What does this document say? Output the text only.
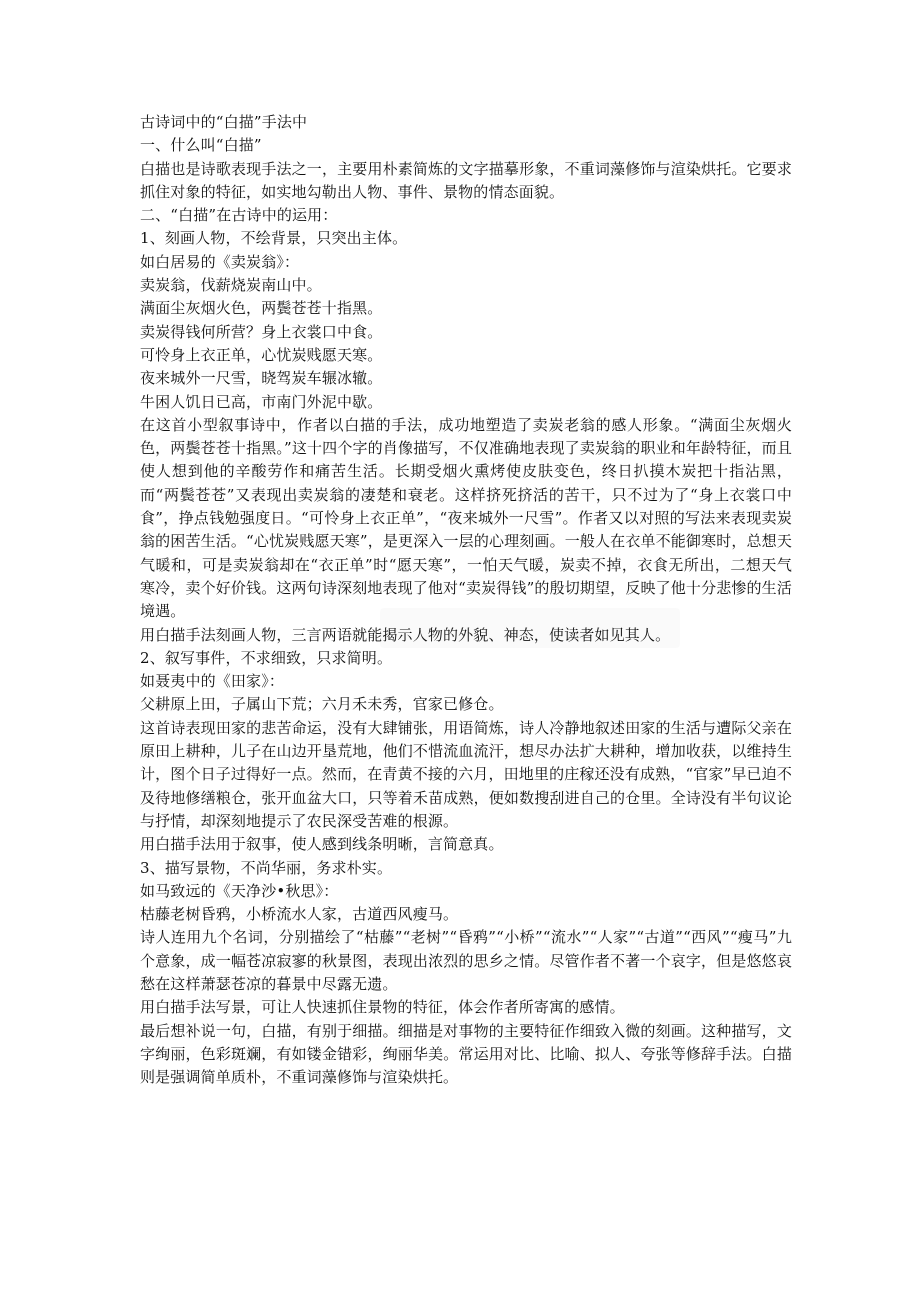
古诗词中的“白描”手法中

一、什么叫“白描”

白描也是诗歌表现手法之一，主要用朴素简炼的文字描摹形象，不重词藻修饰与渲染烘托。它要求抓住对象的特征，如实地勾勒出人物、事件、景物的情态面貌。

二、“白描”在古诗中的运用：

1、刻画人物，不绘背景，只突出主体。

如白居易的《卖炭翁》：

卖炭翁，伐薪烧炭南山中。

满面尘灰烟火色，两鬓苍苍十指黑。

卖炭得钱何所营？身上衣裳口中食。

可怜身上衣正单，心忧炭贱愿天寒。

夜来城外一尺雪，晓驾炭车辗冰辙。

牛困人饥日已高，市南门外泥中歇。

在这首小型叙事诗中，作者以白描的手法，成功地塑造了卖炭老翁的感人形象。“满面尘灰烟火色，两鬓苍苍十指黑。”这十四个字的肖像描写，不仅准确地表现了卖炭翁的职业和年龄特征，而且使人想到他的辛酸劳作和痛苦生活。长期受烟火熏烤使皮肤变色，终日扒摸木炭把十指沾黑，而“两鬓苍苍”又表现出卖炭翁的凄楚和衰老。这样挤死挤活的苦干，只不过为了“身上衣裳口中食”，挣点钱勉强度日。“可怜身上衣正单”，“夜来城外一尺雪”。作者又以对照的写法来表现卖炭翁的困苦生活。“心忧炭贱愿天寒”，是更深入一层的心理刻画。一般人在衣单不能御寒时，总想天气暖和，可是卖炭翁却在“衣正单”时“愿天寒”，一怕天气暖，炭卖不掉，衣食无所出，二想天气寒冷，卖个好价钱。这两句诗深刻地表现了他对“卖炭得钱”的殷切期望，反映了他十分悲惨的生活境遇。

用白描手法刻画人物，三言两语就能揭示人物的外貌、神态，使读者如见其人。

2、叙写事件，不求细致，只求简明。

如聂夷中的《田家》：

父耕原上田，子属山下荒；六月禾未秀，官家已修仓。

这首诗表现田家的悲苦命运，没有大肆铺张，用语简炼，诗人冷静地叙述田家的生活与遭际父亲在原田上耕种，儿子在山边开垦荒地，他们不惜流血流汗，想尽办法扩大耕种，增加收获，以维持生计，图个日子过得好一点。然而，在青黄不接的六月，田地里的庄稼还没有成熟，“官家”早已迫不及待地修缮粮仓，张开血盆大口，只等着禾苗成熟，便如数搜刮进自己的仓里。全诗没有半句议论与抒情，却深刻地提示了农民深受苦难的根源。

用白描手法用于叙事，使人感到线条明晰，言简意真。

3、描写景物，不尚华丽，务求朴实。

如马致远的《天净沙•秋思》：

枯藤老树昏鸦，小桥流水人家，古道西风瘦马。

诗人连用九个名词，分别描绘了“枯藤”“老树”“昏鸦”“小桥”“流水”“人家”“古道”“西风”“瘦马”九个意象，成一幅苍凉寂寥的秋景图，表现出浓烈的思乡之情。尽管作者不著一个哀字，但是悠悠哀愁在这样萧瑟苍凉的暮景中尽露无遗。

用白描手法写景，可让人快速抓住景物的特征，体会作者所寄寓的感情。

最后想补说一句，白描，有别于细描。细描是对事物的主要特征作细致入微的刻画。这种描写，文字绚丽，色彩斑斓，有如镂金错彩，绚丽华美。常运用对比、比喻、拟人、夸张等修辞手法。白描则是强调简单质朴，不重词藻修饰与渲染烘托。
